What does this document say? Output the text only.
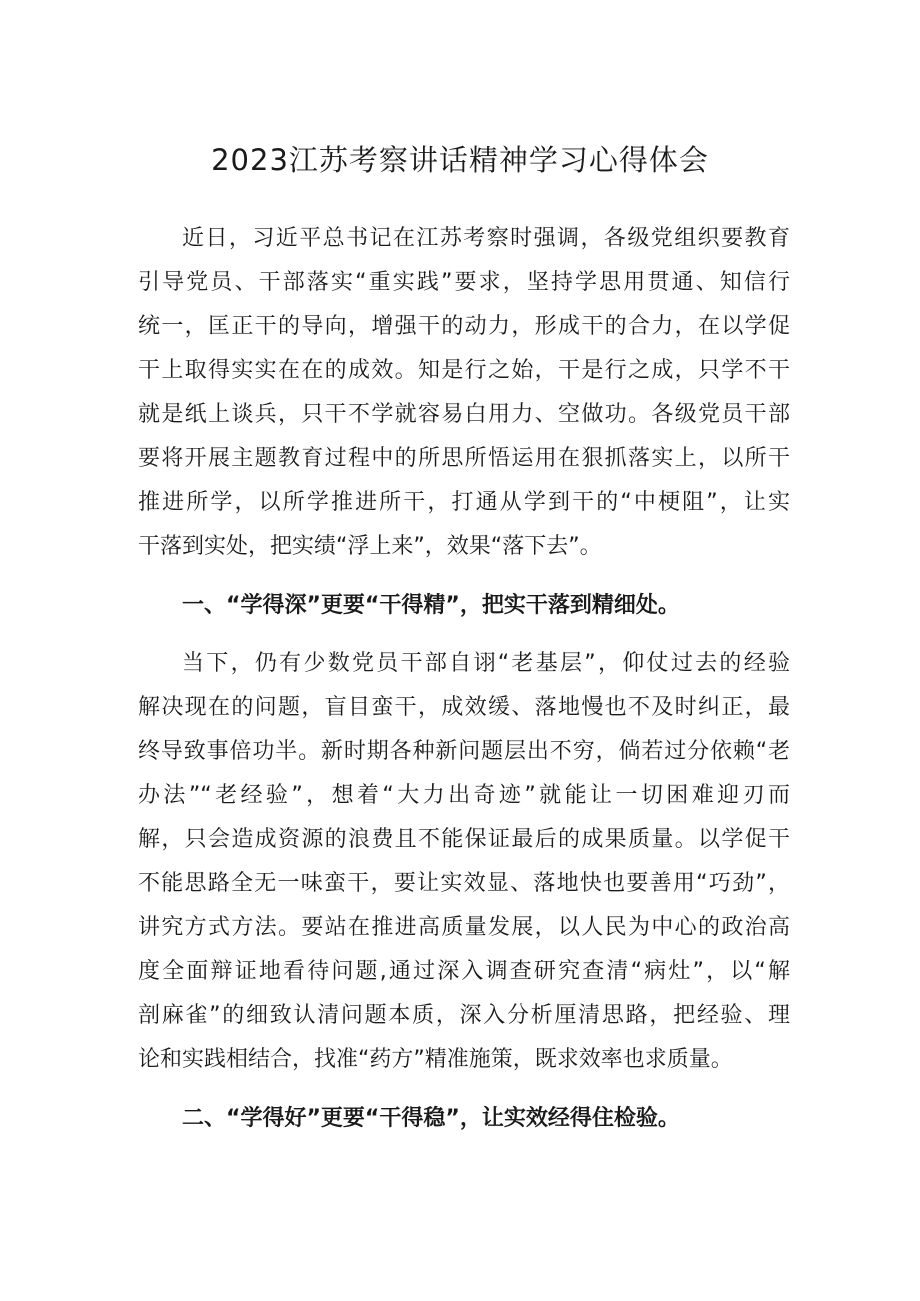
2023江苏考察讲话精神学习心得体会
近日，习近平总书记在江苏考察时强调，各级党组织要教育
引导党员、干部落实“重实践”要求，坚持学思用贯通、知信行
统一，匡正干的导向，增强干的动力，形成干的合力，在以学促
干上取得实实在在的成效。知是行之始，干是行之成，只学不干
就是纸上谈兵，只干不学就容易白用力、空做功。各级党员干部
要将开展主题教育过程中的所思所悟运用在狠抓落实上，以所干
推进所学，以所学推进所干，打通从学到干的“中梗阻”，让实
干落到实处，把实绩“浮上来”，效果“落下去”。
一、“学得深”更要“干得精”，把实干落到精细处。
当下，仍有少数党员干部自诩“老基层”，仰仗过去的经验
解决现在的问题，盲目蛮干，成效缓、落地慢也不及时纠正，最
终导致事倍功半。新时期各种新问题层出不穷，倘若过分依赖“老
办法”“老经验”，想着“大力出奇迹”就能让一切困难迎刃而
解，只会造成资源的浪费且不能保证最后的成果质量。以学促干
不能思路全无一味蛮干，要让实效显、落地快也要善用“巧劲”，
讲究方式方法。要站在推进高质量发展，以人民为中心的政治高
度全面辩证地看待问题,通过深入调查研究查清“病灶”，以“解
剖麻雀”的细致认清问题本质，深入分析厘清思路，把经验、理
论和实践相结合，找准“药方”精准施策，既求效率也求质量。
二、“学得好”更要“干得稳”，让实效经得住检验。
